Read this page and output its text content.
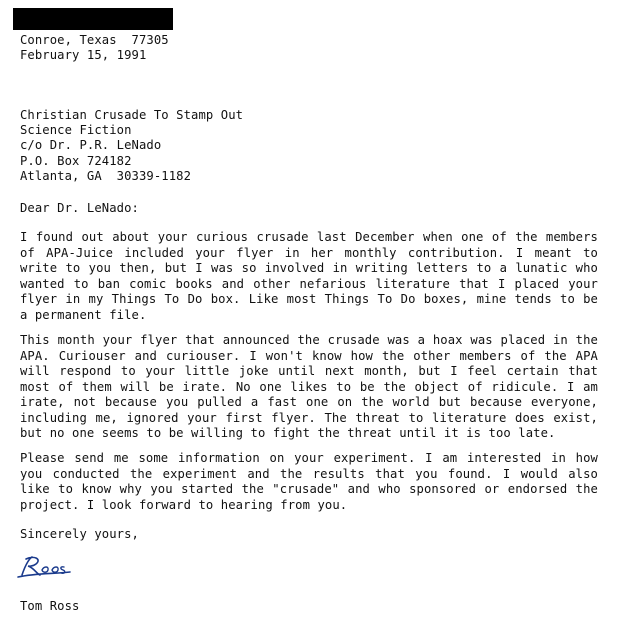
Conroe, Texas  77305
February 15, 1991
Christian Crusade To Stamp Out
Science Fiction
c/o Dr. P.R. LeNado
P.O. Box 724182
Atlanta, GA  30339-1182
Dear Dr. LeNado:
I found out about your curious crusade last December when one of the members of APA-Juice included your flyer in her monthly contribution. I meant to write to you then, but I was so involved in writing letters to a lunatic who wanted to ban comic books and other nefarious literature that I placed your flyer in my Things To Do box. Like most Things To Do boxes, mine tends to be a permanent file.
This month your flyer that announced the crusade was a hoax was placed in the APA. Curiouser and curiouser. I won't know how the other members of the APA will respond to your little joke until next month, but I feel certain that most of them will be irate. No one likes to be the object of ridicule. I am irate, not because you pulled a fast one on the world but because everyone, including me, ignored your first flyer. The threat to literature does exist, but no one seems to be willing to fight the threat until it is too late.
Please send me some information on your experiment. I am interested in how you conducted the experiment and the results that you found. I would also like to know why you started the "crusade" and who sponsored or endorsed the project. I look forward to hearing from you.
Sincerely yours,
Tom Ross
